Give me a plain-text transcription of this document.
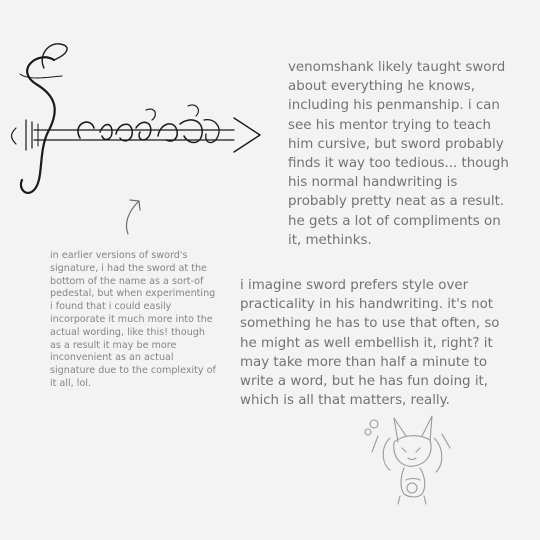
venomshank likely taught sword about everything he knows, including his penmanship. i can see his mentor trying to teach him cursive, but sword probably finds it way too tedious... though his normal handwriting is probably pretty neat as a result. he gets a lot of compliments on it, methinks.

in earlier versions of sword's signature, i had the sword at the bottom of the name as a sort-of pedestal, but when experimenting i found that i could easily incorporate it much more into the actual wording, like this! though as a result it may be more inconvenient as an actual signature due to the complexity of it all, lol.

i imagine sword prefers style over practicality in his handwriting. it's not something he has to use that often, so he might as well embellish it, right? it may take more than half a minute to write a word, but he has fun doing it, which is all that matters, really.
